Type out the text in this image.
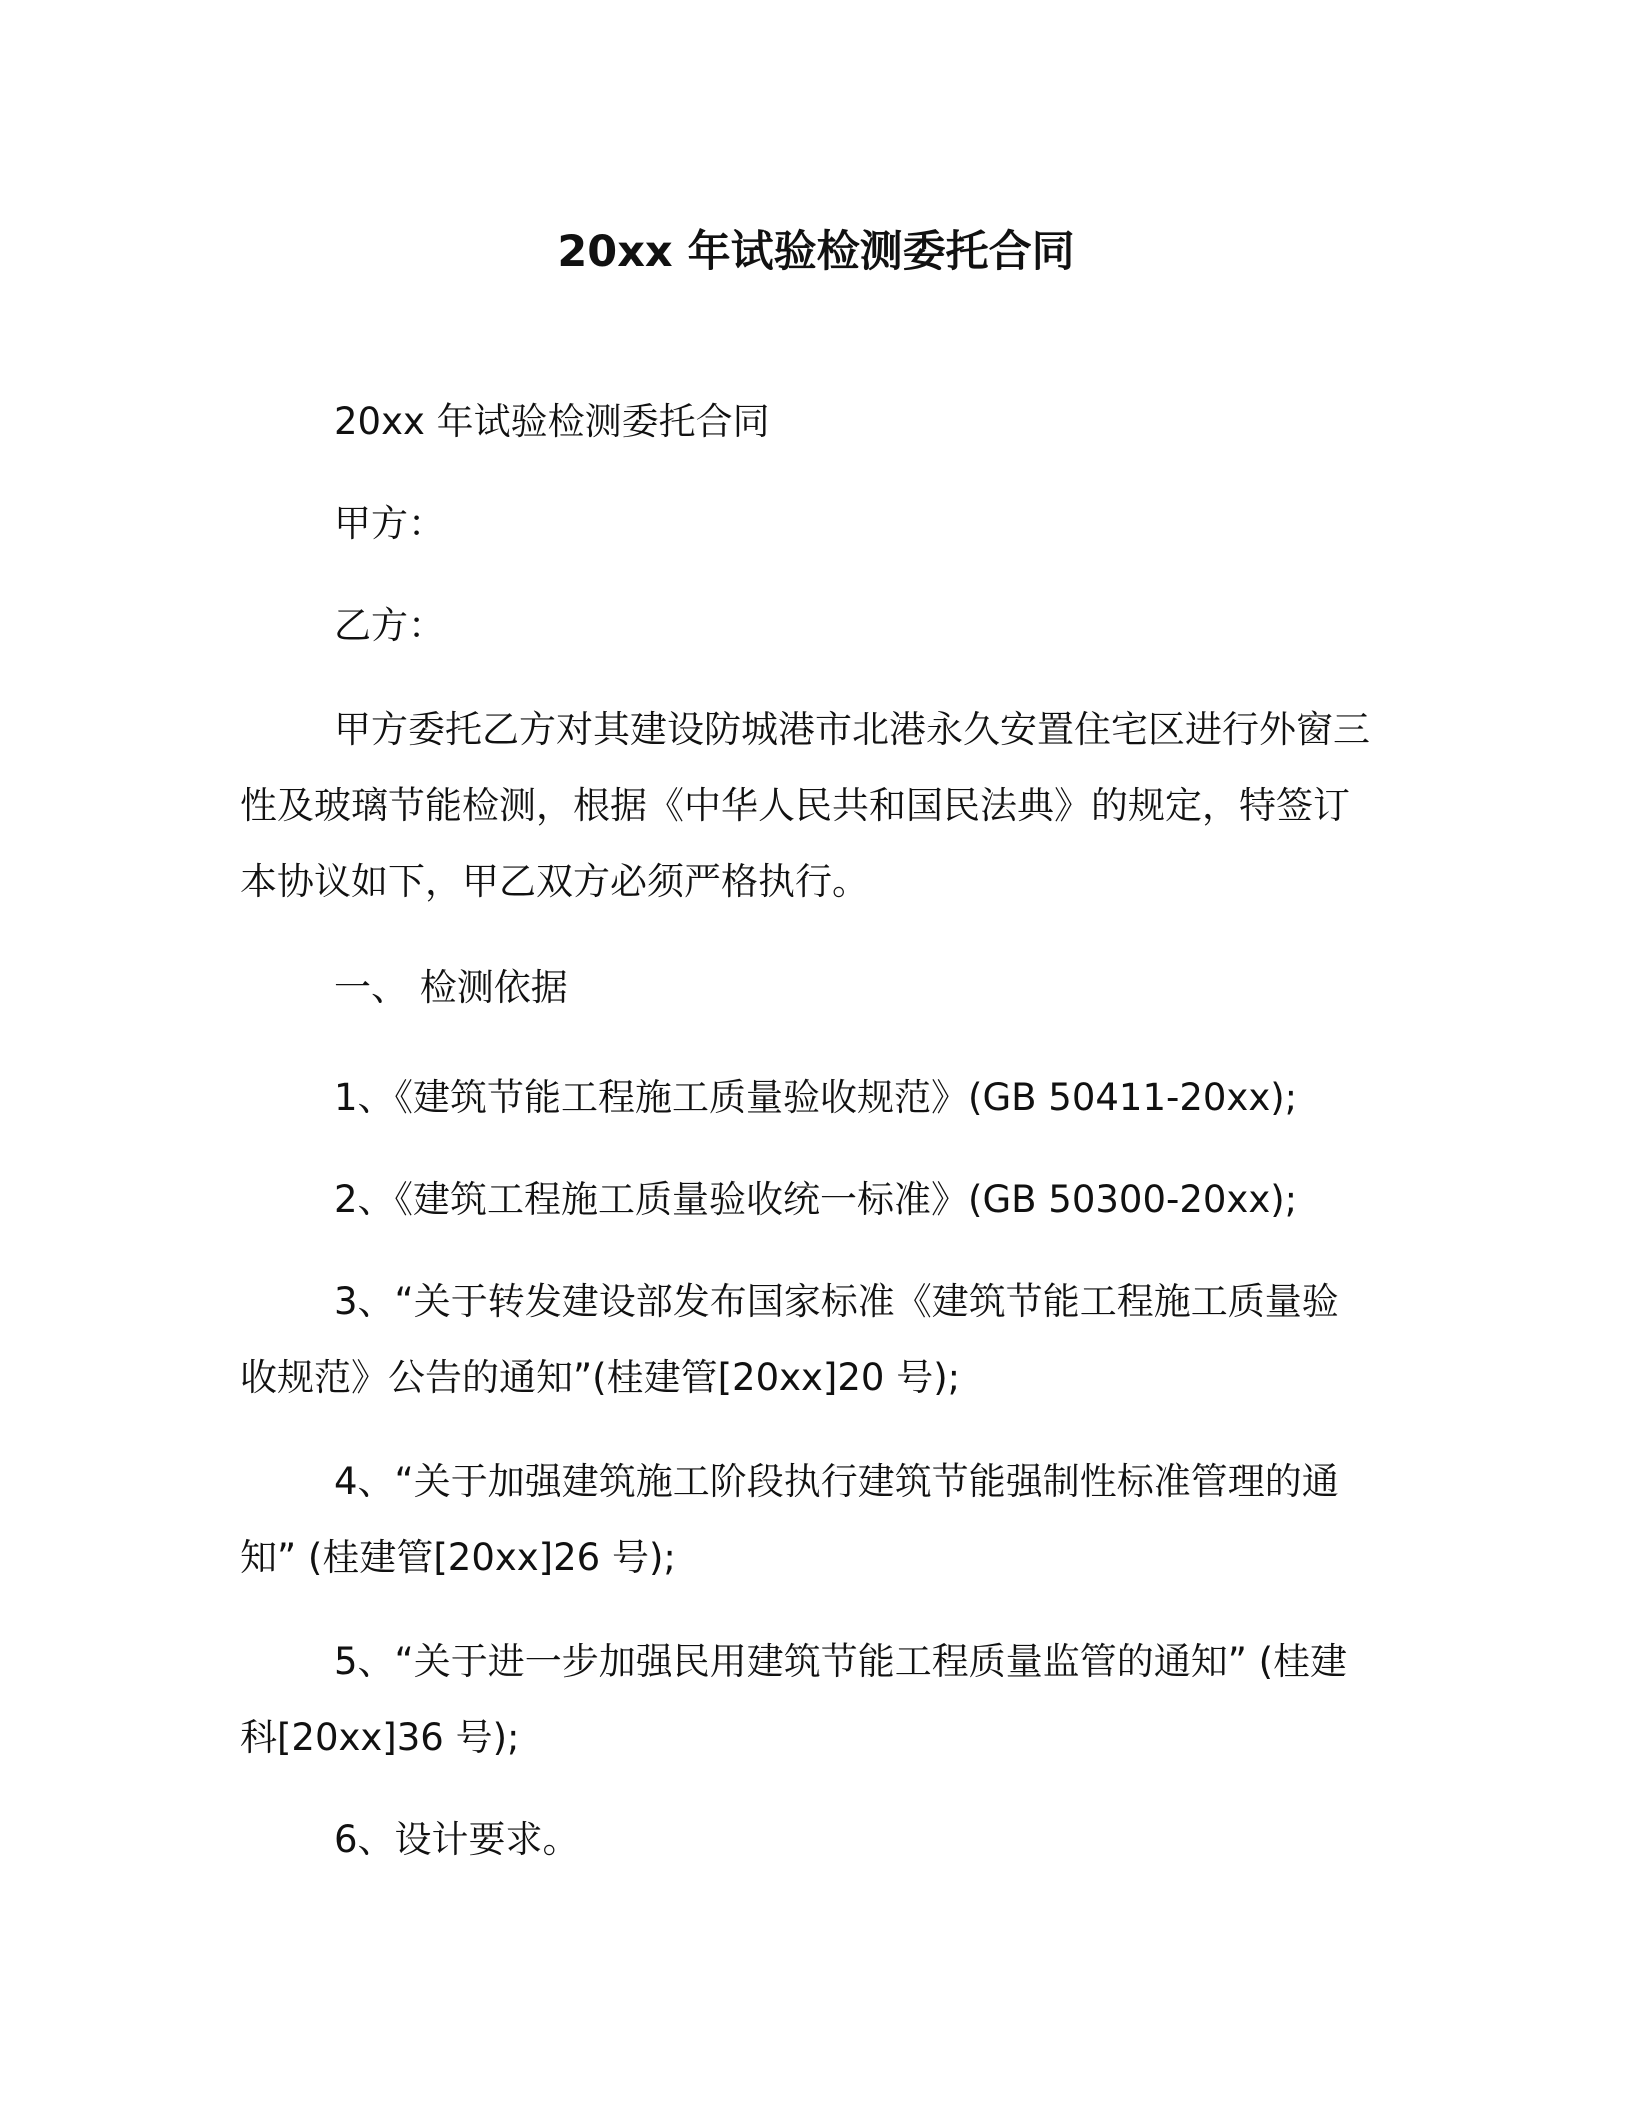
20xx 年试验检测委托合同

20xx 年试验检测委托合同

甲方：

乙方：

甲方委托乙方对其建设防城港市北港永久安置住宅区进行外窗三

性及玻璃节能检测，根据《中华人民共和国民法典》的规定，特签订

本协议如下，甲乙双方必须严格执行。

一、 检测依据

1、《建筑节能工程施工质量验收规范》(GB 50411-20xx);

2、《建筑工程施工质量验收统一标准》(GB 50300-20xx);

3、“关于转发建设部发布国家标准《建筑节能工程施工质量验

收规范》公告的通知”(桂建管[20xx]20 号);

4、“关于加强建筑施工阶段执行建筑节能强制性标准管理的通

知” (桂建管[20xx]26 号);

5、“关于进一步加强民用建筑节能工程质量监管的通知” (桂建

科[20xx]36 号);

6、设计要求。
